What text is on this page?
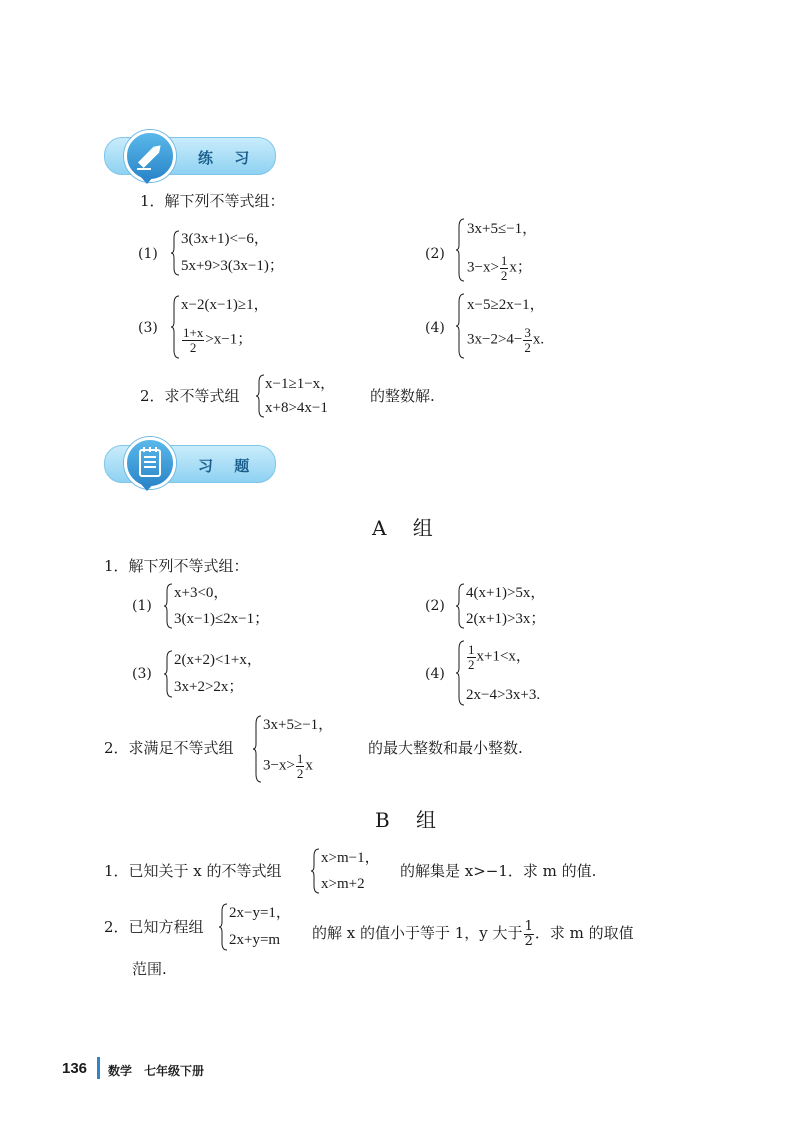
练 习
1．解下列不等式组：
(1)
3(3x+1)<−6，
5x+9>3(3x−1)；
(2)
3x+5≤−1，
$3-x> \frac{1}{2}$ x；
(3)
x−2(x−1)≥1，
$\frac{1+x}{2} >x-1$；
(4)
x−5≥2x−1，
$3x-2>4- \frac{3}{2} x$.
2．求不等式组
x−1≥1−x，
x+8>4x−1
的整数解.
习 题
A 组
1．解下列不等式组：
(1)
x+3<0，
3(x−1)≤2x−1；
(2)
4(x+1)>5x，
2(x+1)>3x；
(3)
2(x+2)<1+x，
3x+2>2x；
(4)
$\frac{1}{2} x+1<x$，
2x−4>3x+3.
2．求满足不等式组
3x+5≥−1，
$3-x> \frac{1}{2}$ x
的最大整数和最小整数.
B 组
1．已知关于 x 的不等式组
x>m−1，
x>m+2
的解集是 x>−1．求 m 的值.
2．已知方程组
2x−y=1，
2x+y=m 的解 x 的值小于等于 1，y 大于 $\frac{1}{2}$ ．求 m 的取值
范围.
136 数学　七年级下册
